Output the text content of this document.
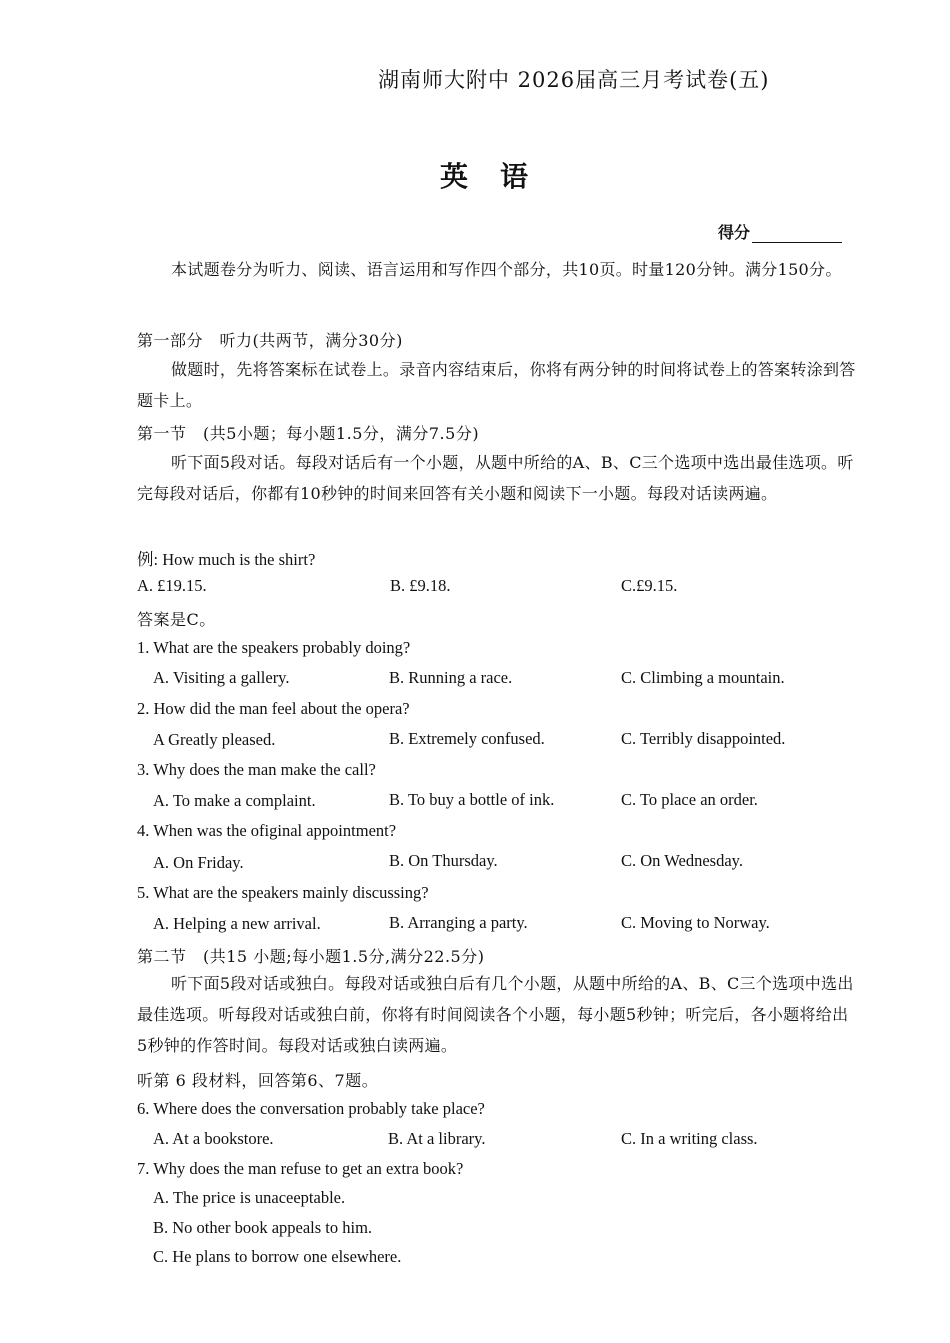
湖南师大附中 2026届高三月考试卷(五)
英　语
得分
本试题卷分为听力、阅读、语言运用和写作四个部分，共10页。时量120分钟。满分150分。
第一部分　听力(共两节，满分30分)
做题时，先将答案标在试卷上。录音内容结束后，你将有两分钟的时间将试卷上的答案转涂到答题卡上。
第一节　(共5小题；每小题1.5分，满分7.5分)
听下面5段对话。每段对话后有一个小题，从题中所给的A、B、C三个选项中选出最佳选项。听完每段对话后，你都有10秒钟的时间来回答有关小题和阅读下一小题。每段对话读两遍。
例: How much is the shirt?
A. £19.15.	B. £9.18.	C.£9.15.
答案是C。
1. What are the speakers probably doing?
A. Visiting a gallery.	B. Running a race.	C. Climbing a mountain.
2. How did the man feel about the opera?
A Greatly pleased.	B. Extremely confused.	C. Terribly disappointed.
3. Why does the man make the call?
A. To make a complaint.	B. To buy a bottle of ink.	C. To place an order.
4. When was the ofiginal appointment?
A. On Friday.	B. On Thursday.	C. On Wednesday.
5. What are the speakers mainly discussing?
A. Helping a new arrival.	B. Arranging a party.	C. Moving to Norway.
第二节　(共15 小题;每小题1.5分,满分22.5分)
听下面5段对话或独白。每段对话或独白后有几个小题，从题中所给的A、B、C三个选项中选出最佳选项。听每段对话或独白前，你将有时间阅读各个小题，每小题5秒钟；听完后，各小题将给出5秒钟的作答时间。每段对话或独白读两遍。
听第 6 段材料，回答第6、7题。
6. Where does the conversation probably take place?
A. At a bookstore.	B. At a library.	C. In a writing class.
7. Why does the man refuse to get an extra book?
A. The price is unaceeptable.
B. No other book appeals to him.
C. He plans to borrow one elsewhere.
